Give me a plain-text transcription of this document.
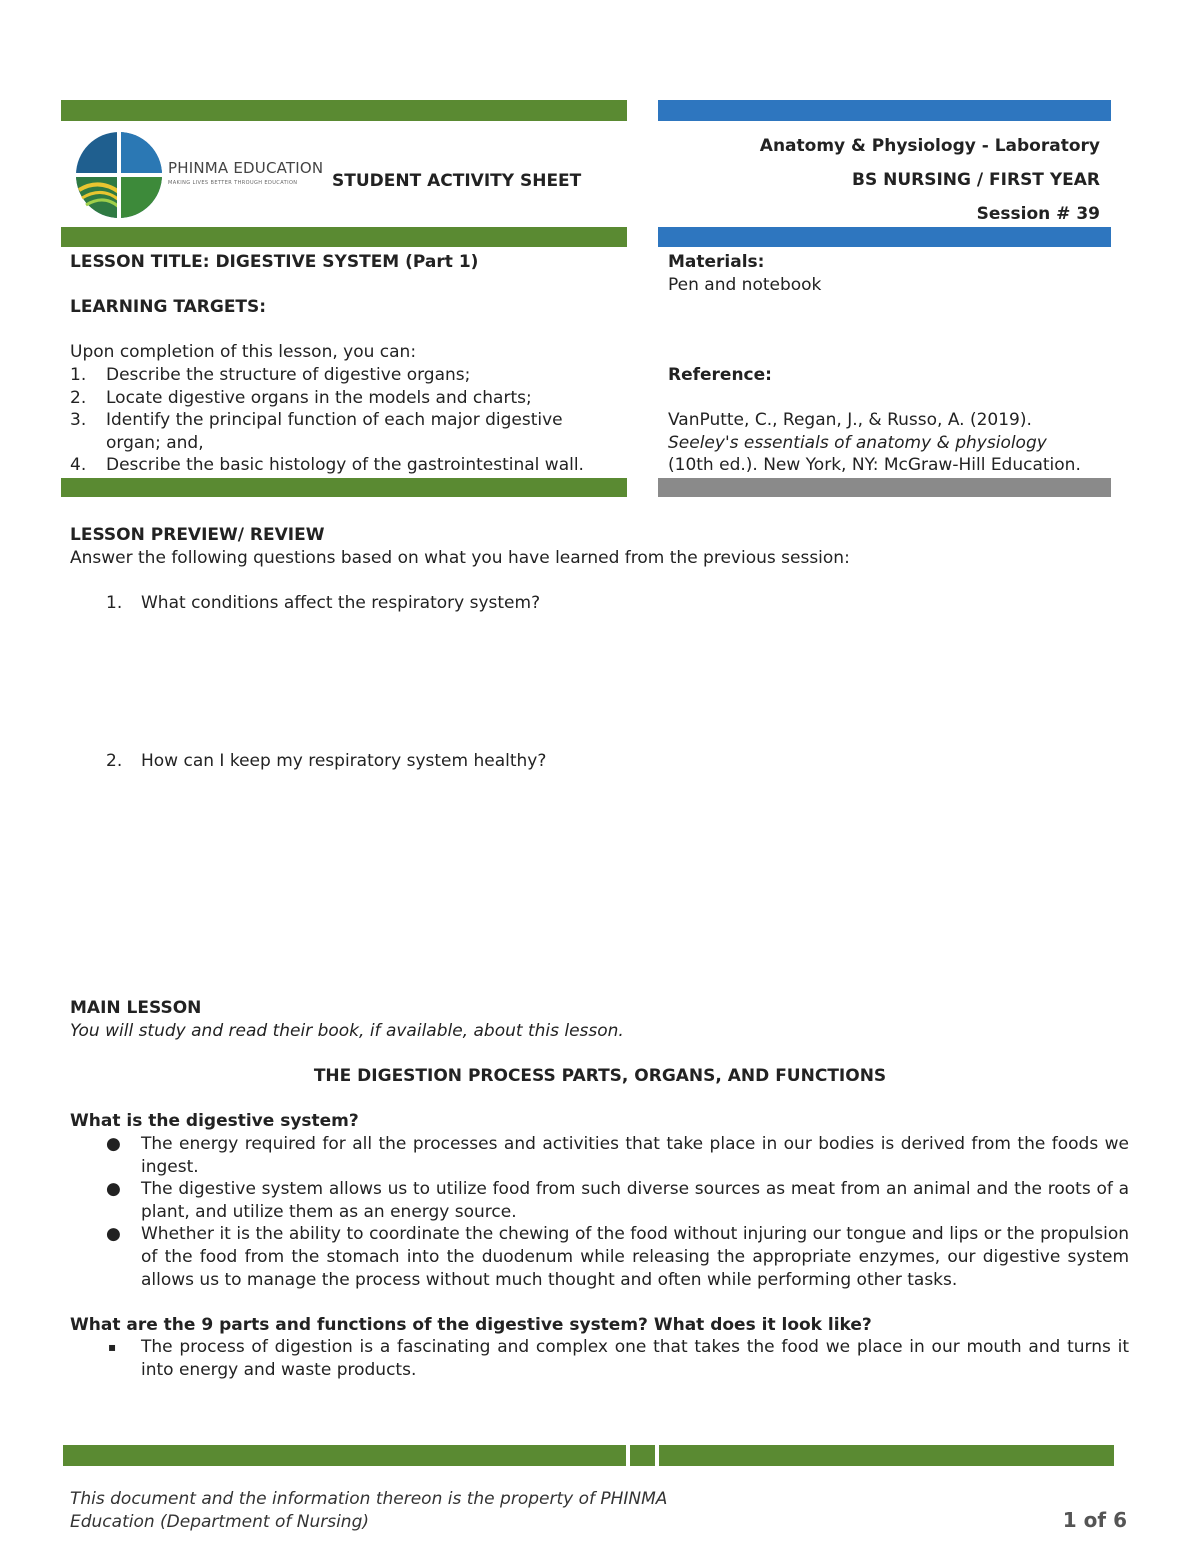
PHINMA EDUCATION
MAKING LIVES BETTER THROUGH EDUCATION STUDENT ACTIVITY SHEET
Anatomy & Physiology - Laboratory
BS NURSING / FIRST YEAR
Session # 39
LESSON TITLE: DIGESTIVE SYSTEM (Part 1)
LEARNING TARGETS:
Upon completion of this lesson, you can:
1. Describe the structure of digestive organs;
2. Locate digestive organs in the models and charts;
3. Identify the principal function of each major digestive
organ; and,
4. Describe the basic histology of the gastrointestinal wall.
Materials:
Pen and notebook
Reference:
VanPutte, C., Regan, J., & Russo, A. (2019).
Seeley's essentials of anatomy & physiology
(10th ed.). New York, NY: McGraw-Hill Education.
LESSON PREVIEW/ REVIEW
Answer the following questions based on what you have learned from the previous session:
1. What conditions affect the respiratory system?
2. How can I keep my respiratory system healthy?
MAIN LESSON
You will study and read their book, if available, about this lesson.
THE DIGESTION PROCESS PARTS, ORGANS, AND FUNCTIONS
What is the digestive system?
● The energy required for all the processes and activities that take place in our bodies is derived from the foods we ingest.
● The digestive system allows us to utilize food from such diverse sources as meat from an animal and the roots of a plant, and utilize them as an energy source.
● Whether it is the ability to coordinate the chewing of the food without injuring our tongue and lips or the propulsion of the food from the stomach into the duodenum while releasing the appropriate enzymes, our digestive system allows us to manage the process without much thought and often while performing other tasks.
What are the 9 parts and functions of the digestive system? What does it look like?
▪ The process of digestion is a fascinating and complex one that takes the food we place in our mouth and turns it into energy and waste products.
This document and the information thereon is the property of PHINMA
Education (Department of Nursing)	1 of 6
